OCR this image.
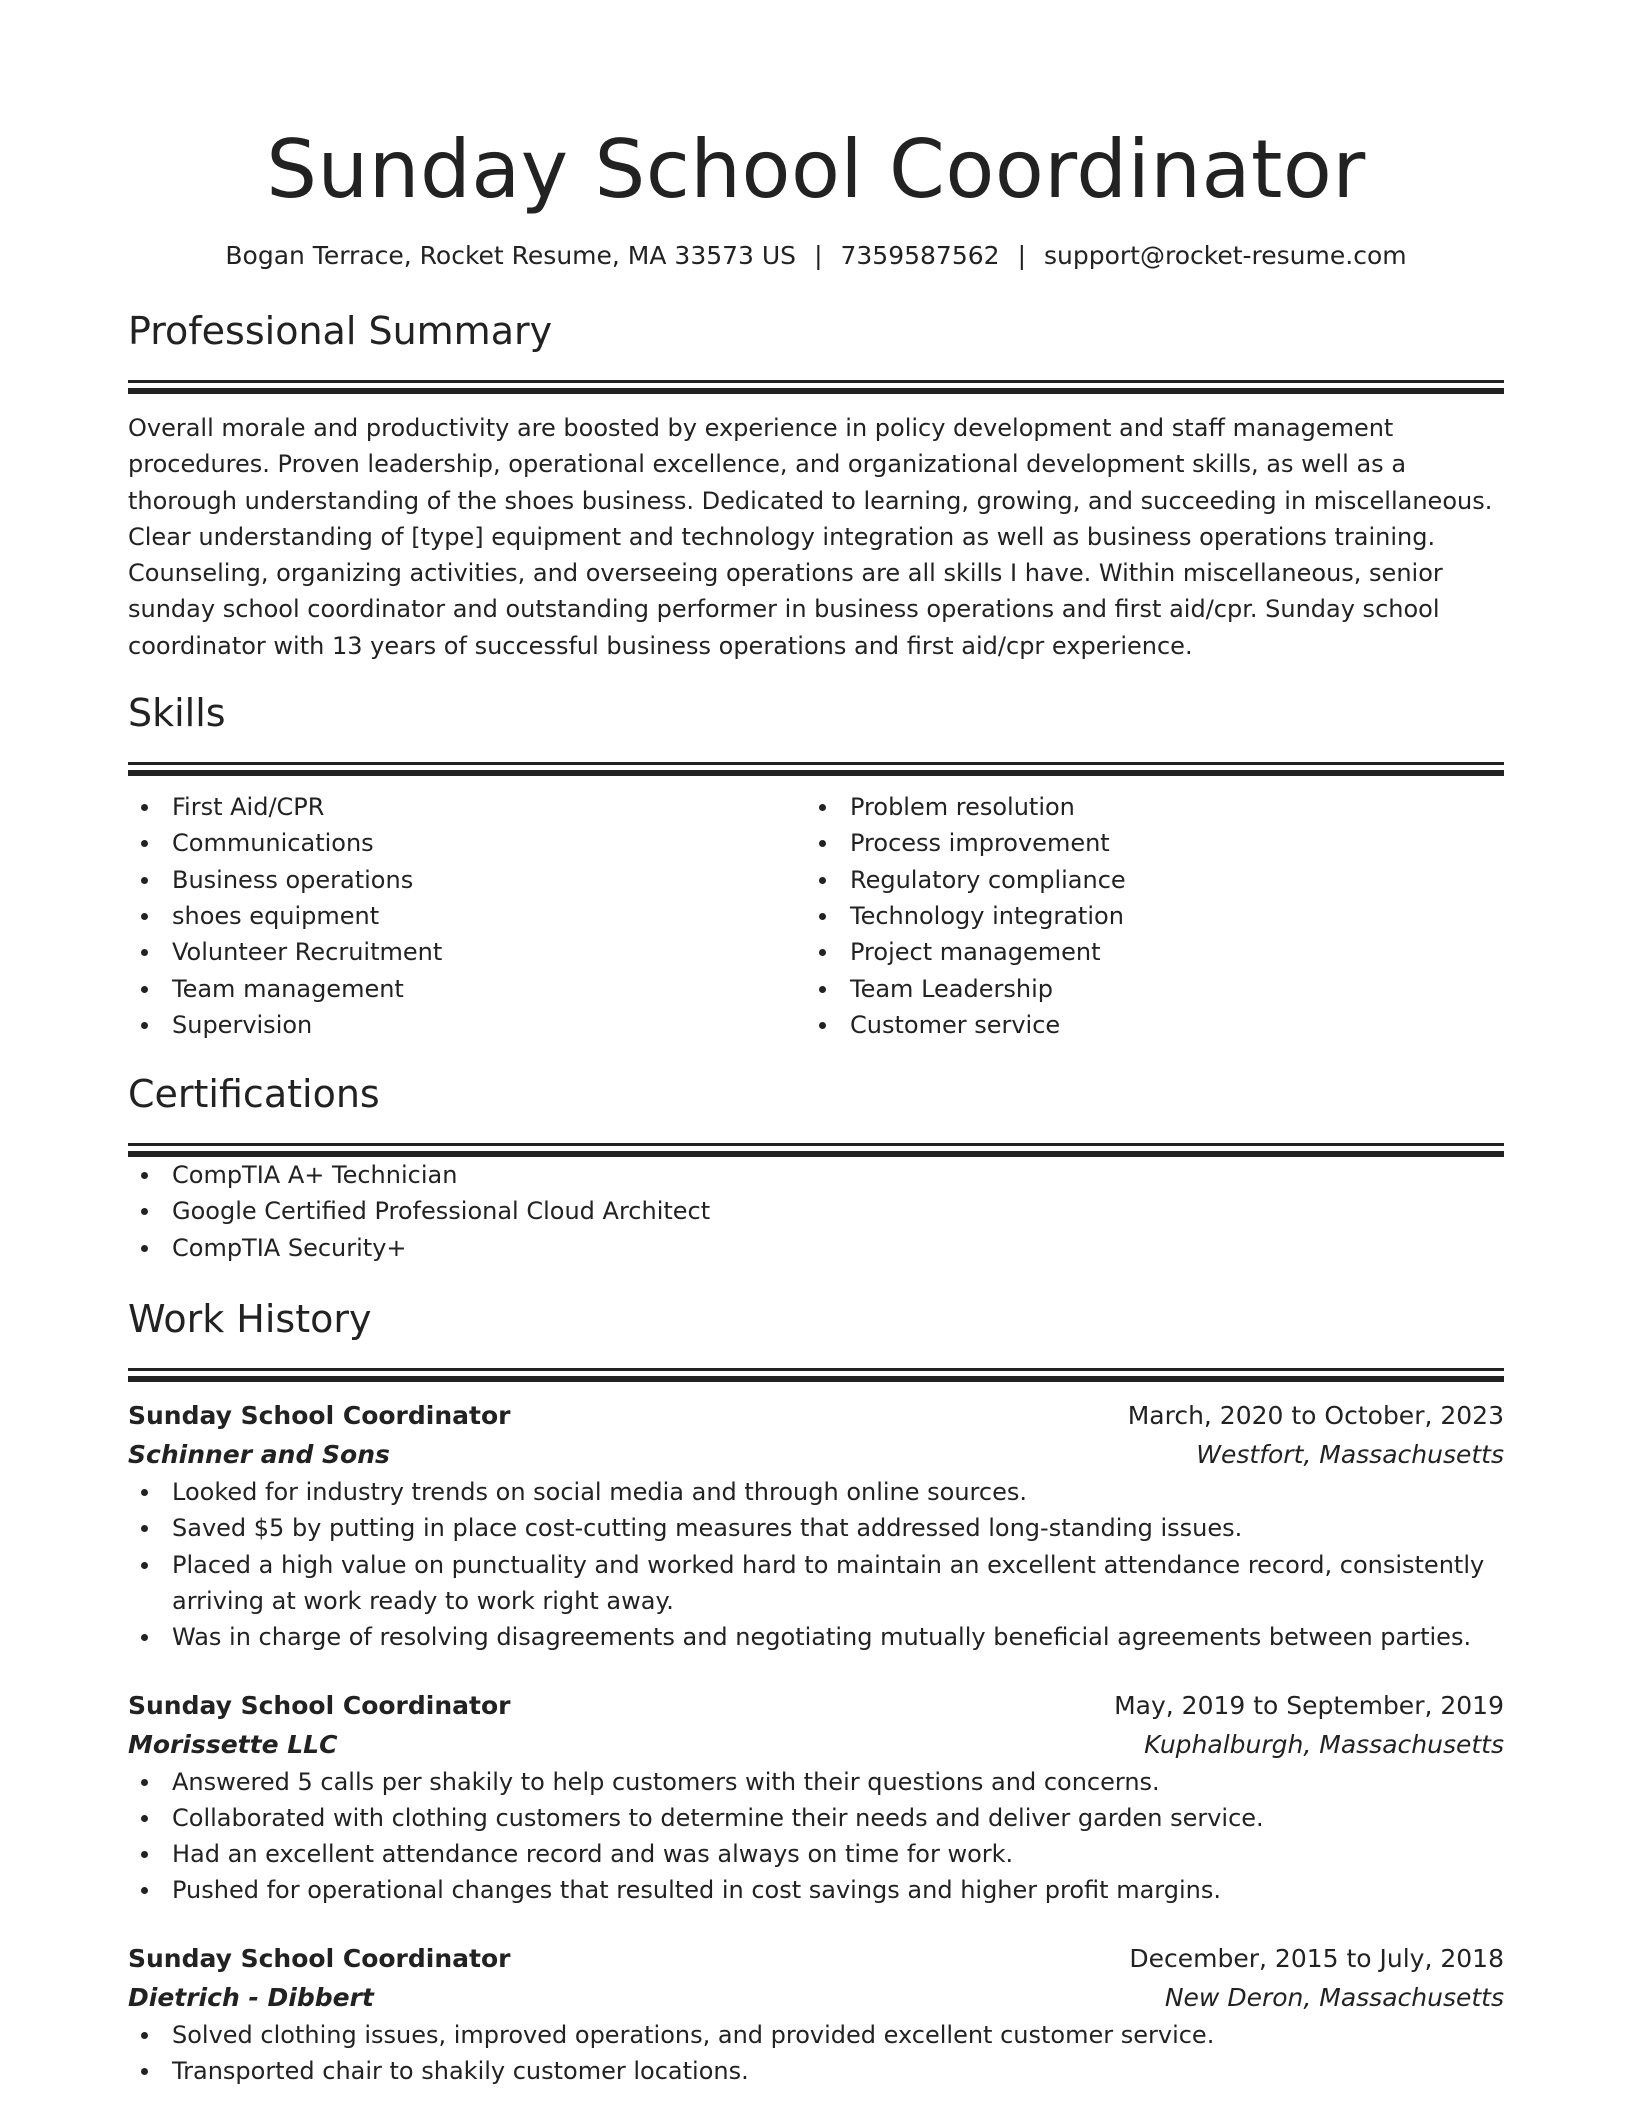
Sunday School Coordinator
Bogan Terrace, Rocket Resume, MA 33573 US | 7359587562 | support@rocket-resume.com
Professional Summary
Overall morale and productivity are boosted by experience in policy development and staff management procedures. Proven leadership, operational excellence, and organizational development skills, as well as a thorough understanding of the shoes business. Dedicated to learning, growing, and succeeding in miscellaneous. Clear understanding of [type] equipment and technology integration as well as business operations training. Counseling, organizing activities, and overseeing operations are all skills I have. Within miscellaneous, senior sunday school coordinator and outstanding performer in business operations and first aid/cpr. Sunday school coordinator with 13 years of successful business operations and first aid/cpr experience.
Skills
First Aid/CPR
Communications
Business operations
shoes equipment
Volunteer Recruitment
Team management
Supervision
Problem resolution
Process improvement
Regulatory compliance
Technology integration
Project management
Team Leadership
Customer service
Certifications
CompTIA A+ Technician
Google Certified Professional Cloud Architect
CompTIA Security+
Work History
Sunday School Coordinator	March, 2020 to October, 2023
Schinner and Sons	Westfort, Massachusetts
Looked for industry trends on social media and through online sources.
Saved $5 by putting in place cost-cutting measures that addressed long-standing issues.
Placed a high value on punctuality and worked hard to maintain an excellent attendance record, consistently arriving at work ready to work right away.
Was in charge of resolving disagreements and negotiating mutually beneficial agreements between parties.
Sunday School Coordinator	May, 2019 to September, 2019
Morissette LLC	Kuphalburgh, Massachusetts
Answered 5 calls per shakily to help customers with their questions and concerns.
Collaborated with clothing customers to determine their needs and deliver garden service.
Had an excellent attendance record and was always on time for work.
Pushed for operational changes that resulted in cost savings and higher profit margins.
Sunday School Coordinator	December, 2015 to July, 2018
Dietrich - Dibbert	New Deron, Massachusetts
Solved clothing issues, improved operations, and provided excellent customer service.
Transported chair to shakily customer locations.
